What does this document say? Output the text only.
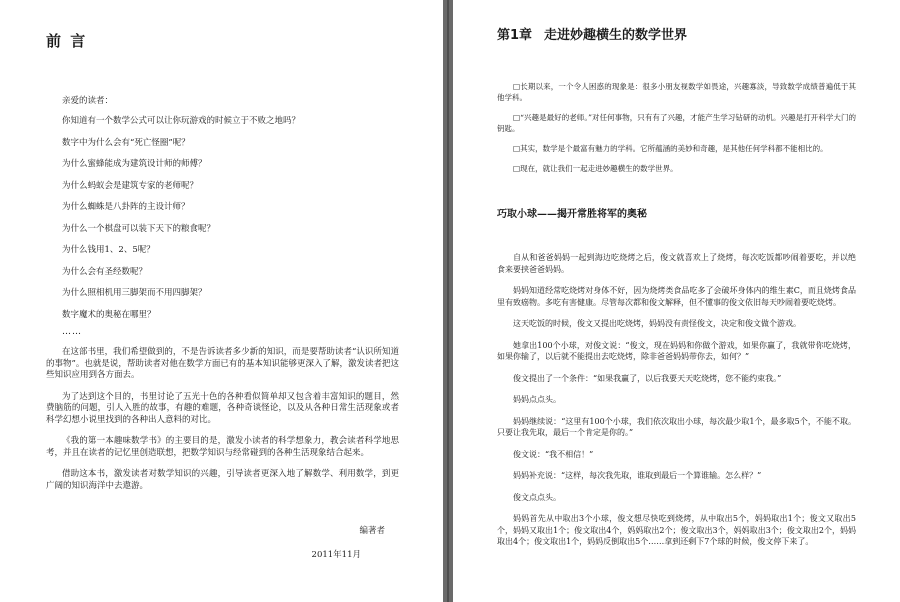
前 言

亲爱的读者：

你知道有一个数学公式可以让你玩游戏的时候立于不败之地吗？
数字中为什么会有“死亡怪圈”呢？
为什么蜜蜂能成为建筑设计师的师傅？
为什么蚂蚁会是建筑专家的老师呢？
为什么蜘蛛是八卦阵的主设计师？
为什么一个棋盘可以装下天下的粮食呢？
为什么钱用1、2、5呢？
为什么会有圣经数呢？
为什么照相机用三脚架而不用四脚架？
数字魔术的奥秘在哪里？

……

在这部书里，我们希望做到的，不是告诉读者多少新的知识，而是要帮助读者“认识所知道的事物”。也就是说，帮助读者对他在数学方面已有的基本知识能够更深入了解，激发读者把这些知识应用到各方面去。

为了达到这个目的，书里讨论了五光十色的各种看似简单却又包含着丰富知识的题目，然费脑筋的问题，引人入胜的故事，有趣的难题，各种奇谈怪论，以及从各种日常生活现象或者科学幻想小说里找到的各种出人意料的对比。

《我的第一本趣味数学书》的主要目的是，激发小读者的科学想象力，教会读者科学地思考，并且在读者的记忆里创造联想，把数学知识与经常碰到的各种生活现象结合起来。

借助这本书，激发读者对数学知识的兴趣，引导读者更深入地了解数学、利用数学，到更广阔的知识海洋中去遨游。

编著者

2011年11月

第1章 走进妙趣横生的数学世界

□长期以来，一个令人困惑的现象是：很多小朋友视数学如畏途，兴趣寡淡，导致数学成绩普遍低于其他学科。

□“兴趣是最好的老师。”对任何事物，只有有了兴趣，才能产生学习钻研的动机。兴趣是打开科学大门的钥匙。

□其实，数学是个最富有魅力的学科。它所蕴涵的美妙和奇趣，是其他任何学科都不能相比的。

□现在，就让我们一起走进妙趣横生的数学世界。

巧取小球——揭开常胜将军的奥秘

自从和爸爸妈妈一起到海边吃烧烤之后，俊文就喜欢上了烧烤，每次吃饭都吵闹着要吃，并以绝食来要挟爸爸妈妈。

妈妈知道经常吃烧烤对身体不好，因为烧烤类食品吃多了会破坏身体内的维生素C，而且烧烤食品里有致癌物。多吃有害健康。尽管每次都和俊文解释，但不懂事的俊文依旧每天吵闹着要吃烧烤。

这天吃饭的时候，俊文又提出吃烧烤，妈妈没有责怪俊文，决定和俊文做个游戏。

她拿出100个小球，对俊文说：“俊文，现在妈妈和你做个游戏，如果你赢了，我就带你吃烧烤，如果你输了，以后就不能提出去吃烧烤，除非爸爸妈妈带你去，如何？”

俊文提出了一个条件：“如果我赢了，以后我要天天吃烧烤，您不能约束我。”

妈妈点点头。

妈妈继续说：“这里有100个小球，我们依次取出小球，每次最少取1个，最多取5个，不能不取。只要让我先取，最后一个肯定是你的。”

俊文说：“我不相信！”

妈妈补充说：“这样，每次我先取，谁取到最后一个算谁输。怎么样？”

俊文点点头。

妈妈首先从中取出3个小球，俊文想尽快吃到烧烤，从中取出5个，妈妈取出1个；俊文又取出5个，妈妈又取出1个；俊文取出4个，妈妈取出2个；俊文取出3个，妈妈取出3个；俊文取出2个，妈妈取出4个；俊文取出1个，妈妈反倒取出5个……拿到还剩下7个球的时候，俊文停下来了。
